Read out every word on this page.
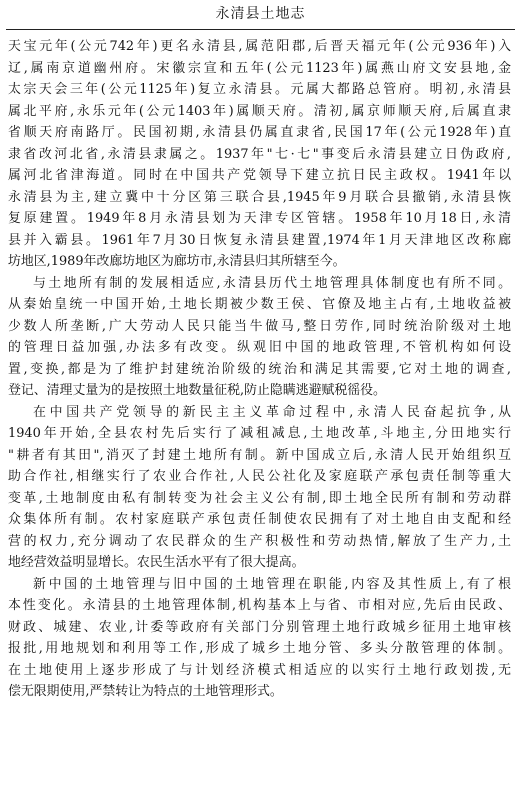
永清县土地志
天宝元年(公元742年)更名永清县,属范阳郡,后晋天福元年(公元936年)入
辽,属南京道幽州府。宋徽宗宣和五年(公元1123年)属燕山府文安县地,金
太宗天会三年(公元1125年)复立永清县。元属大都路总管府。明初,永清县
属北平府,永乐元年(公元1403年)属顺天府。清初,属京师顺天府,后属直隶
省顺天府南路厅。民国初期,永清县仍属直隶省,民国17年(公元1928年)直
隶省改河北省,永清县隶属之。1937年"七·七"事变后永清县建立日伪政府,
属河北省津海道。同时在中国共产党领导下建立抗日民主政权。1941年以
永清县为主,建立冀中十分区第三联合县,1945年9月联合县撤销,永清县恢
复原建置。1949年8月永清县划为天津专区管辖。1958年10月18日,永清
县并入霸县。1961年7月30日恢复永清县建置,1974年1月天津地区改称廊
坊地区,1989年改廊坊地区为廊坊市,永清县归其所辖至今。
与土地所有制的发展相适应,永清县历代土地管理具体制度也有所不同。
从秦始皇统一中国开始,土地长期被少数王侯、官僚及地主占有,土地收益被
少数人所垄断,广大劳动人民只能当牛做马,整日劳作,同时统治阶级对土地
的管理日益加强,办法多有改变。纵观旧中国的地政管理,不管机构如何设
置,变换,都是为了维护封建统治阶级的统治和满足其需要,它对土地的调查,
登记、清理丈量为的是按照土地数量征税,防止隐瞒逃避赋税徭役。
在中国共产党领导的新民主主义革命过程中,永清人民奋起抗争,从
1940年开始,全县农村先后实行了减租减息,土地改革,斗地主,分田地实行
"耕者有其田",消灭了封建土地所有制。新中国成立后,永清人民开始组织互
助合作社,相继实行了农业合作社,人民公社化及家庭联产承包责任制等重大
变革,土地制度由私有制转变为社会主义公有制,即土地全民所有制和劳动群
众集体所有制。农村家庭联产承包责任制使农民拥有了对土地自由支配和经
营的权力,充分调动了农民群众的生产积极性和劳动热情,解放了生产力,土
地经营效益明显增长。农民生活水平有了很大提高。
新中国的土地管理与旧中国的土地管理在职能,内容及其性质上,有了根
本性变化。永清县的土地管理体制,机构基本上与省、市相对应,先后由民政、
财政、城建、农业,计委等政府有关部门分别管理土地行政城乡征用土地审核
报批,用地规划和利用等工作,形成了城乡土地分管、多头分散管理的体制。
在土地使用上逐步形成了与计划经济模式相适应的以实行土地行政划拨,无
偿无限期使用,严禁转让为特点的土地管理形式。
